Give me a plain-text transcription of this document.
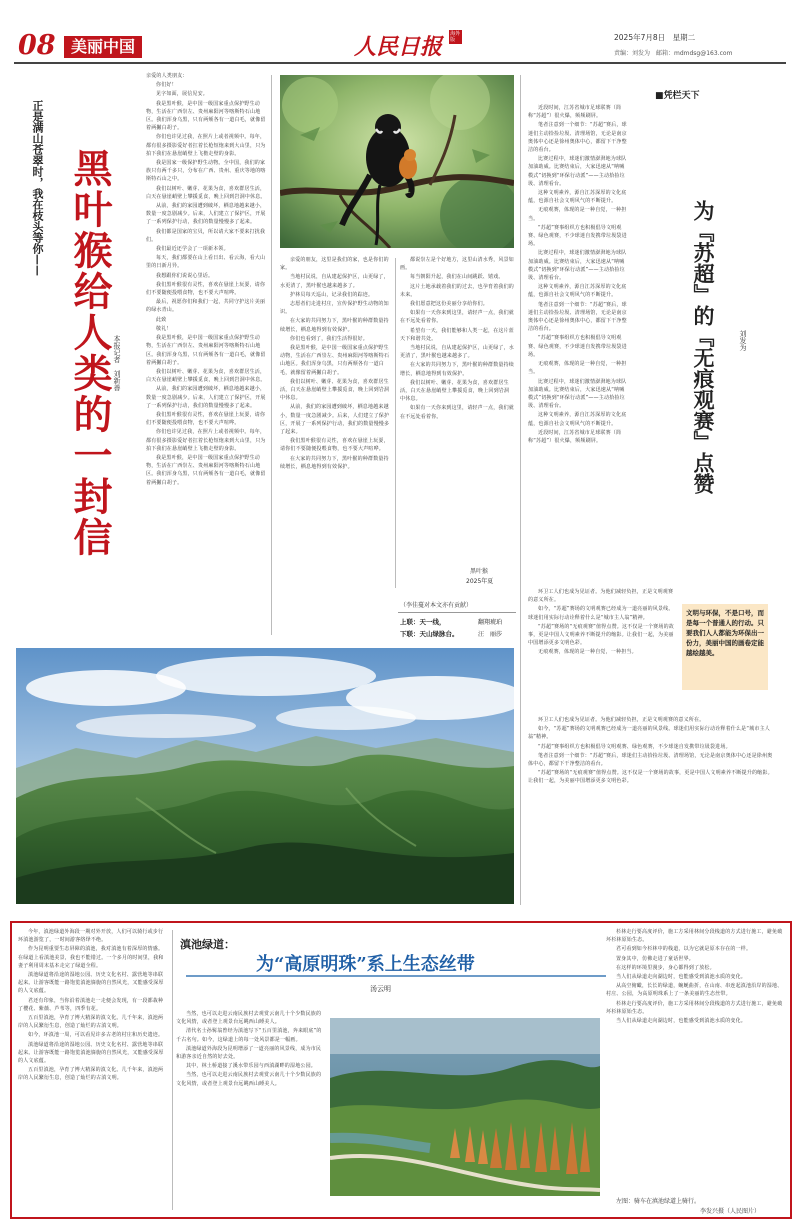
08 美丽中国	人民日报 海外版	2025年7月8日　星期二
责编：刘发为　邮箱：mdmdsg@163.com
正是满山苍翠时，我在枝头等你—— 黑叶猴给人类的一封信 本报记者　刘新善

亲爱的人类朋友：

你们好！

见字如面，展信见安。

我是黑叶猴，是中国一级国家重点保护野生动物，生活在广西崇左、贵州麻阳河等喀斯特石山地区。我们浑身乌黑，只有两颊各有一道白毛，就像留着两撇白胡子。

你们也许见过我，在照片上或者视频中。每年，都有很多摄影爱好者扛着长枪短炮来到大山里，只为拍下我们在悬崖峭壁上飞檐走壁的身影。

我是国家一级保护野生动物。全中国，我们的家族只有两千多只，分布在广西、贵州、重庆等地的喀斯特石山之中。

我们以树叶、嫩芽、花果为食，喜欢群居生活，白天在悬崖峭壁上攀援觅食，晚上回到岩洞中休息。

从前，我们的家园遭到破坏，栖息地越来越小，数量一度急剧减少。后来，人们建立了保护区，开展了一系列保护行动，我们的数量慢慢多了起来。

我们都是国家的宝贝，所以请大家不要来打扰我们。

我们最近还学会了一项新本领。

每天，我们都要在山上看日出、看云海，看大山里的日新月异。

我想跟你们说说心里话。

我们黑叶猴很有灵性，喜欢在悬崖上玩耍，请你们不要随便投喂食物，也不要大声喧哗。

最后，祝愿你们和我们一起，共同守护这片美丽的绿水青山。

此致

敬礼！

我是黑叶猴，是中国一级国家重点保护野生动物，生活在广西崇左、贵州麻阳河等喀斯特石山地区。我们浑身乌黑，只有两颊各有一道白毛，就像留着两撇白胡子。

我们以树叶、嫩芽、花果为食，喜欢群居生活，白天在悬崖峭壁上攀援觅食，晚上回到岩洞中休息。

从前，我们的家园遭到破坏，栖息地越来越小，数量一度急剧减少。后来，人们建立了保护区，开展了一系列保护行动，我们的数量慢慢多了起来。

我们黑叶猴很有灵性，喜欢在悬崖上玩耍，请你们不要随便投喂食物，也不要大声喧哗。

你们也许见过我，在照片上或者视频中。每年，都有很多摄影爱好者扛着长枪短炮来到大山里，只为拍下我们在悬崖峭壁上飞檐走壁的身影。

我是黑叶猴，是中国一级国家重点保护野生动物，生活在广西崇左、贵州麻阳河等喀斯特石山地区。我们浑身乌黑，只有两颊各有一道白毛，就像留着两撇白胡子。

亲爱的朋友，这里是我们的家，也是你们的家。

当地村民说，自从建起保护区，山更绿了，水更清了，黑叶猴也越来越多了。

护林员每天巡山，记录我们的踪迹。

志愿者们走进村庄，宣传保护野生动物的知识。

在大家的共同努力下，黑叶猴的种群数量持续增长，栖息地得到有效保护。

你们也看到了，我们生活得很好。

我是黑叶猴，是中国一级国家重点保护野生动物，生活在广西崇左、贵州麻阳河等喀斯特石山地区。我们浑身乌黑，只有两颊各有一道白毛，就像留着两撇白胡子。

我们以树叶、嫩芽、花果为食，喜欢群居生活，白天在悬崖峭壁上攀援觅食，晚上回到岩洞中休息。

从前，我们的家园遭到破坏，栖息地越来越小，数量一度急剧减少。后来，人们建立了保护区，开展了一系列保护行动，我们的数量慢慢多了起来。

我们黑叶猴很有灵性，喜欢在悬崖上玩耍，请你们不要随便投喂食物，也不要大声喧哗。

在大家的共同努力下，黑叶猴的种群数量持续增长，栖息地得到有效保护。

都说崇左是个好地方，这里山清水秀，风景如画。

每当朝阳升起，我们在山间跳跃、嬉戏。

这片土地承载着我们的过去，也孕育着我们的未来。

我们愿意把这份美丽分享给你们。

如果有一天你来到这里，请轻声一点，我们就在不远处看着你。

希望有一天，我们能够和人类一起，在这片蓝天下和谐共处。

当地村民说，自从建起保护区，山更绿了，水更清了，黑叶猴也越来越多了。

在大家的共同努力下，黑叶猴的种群数量持续增长，栖息地得到有效保护。

我们以树叶、嫩芽、花果为食，喜欢群居生活，白天在悬崖峭壁上攀援觅食，晚上回到岩洞中休息。

如果有一天你来到这里，请轻声一点，我们就在不远处看着你。

黑叶猴
2025年夏
（李佳蔓对本文亦有贡献）
上联：天一线，
下联：天山绿脉台。
翻翔琥珀
汪　丽莎
■凭栏天下

近段时间，江苏省城市足球联赛（简称“苏超”）很火爆，频频刷屏。

笔者注意到一个细节：“苏超”赛后，球迷们主动拾捡垃圾、清理场馆，无论是南京奥体中心还是徐州奥体中心，都留下干净整洁的看台。

比赛过程中，球迷们激情澎湃地为球队加油助威。比赛结束后，大家迅速从“呐喊模式”切换到“环保行动派”——主动拾捡垃圾、清理看台。

这种文明素养，源自江苏深厚的文化底蕴，也源自社会文明风气的不断提升。

无痕观赛，体现的是一种自觉，一种担当。

“苏超”赛事组织方也积极倡导文明观赛、绿色观赛，不少球迷自发携带垃圾袋进场。

比赛过程中，球迷们激情澎湃地为球队加油助威。比赛结束后，大家迅速从“呐喊模式”切换到“环保行动派”——主动拾捡垃圾、清理看台。

这种文明素养，源自江苏深厚的文化底蕴，也源自社会文明风气的不断提升。

笔者注意到一个细节：“苏超”赛后，球迷们主动拾捡垃圾、清理场馆，无论是南京奥体中心还是徐州奥体中心，都留下干净整洁的看台。

“苏超”赛事组织方也积极倡导文明观赛、绿色观赛，不少球迷自发携带垃圾袋进场。

无痕观赛，体现的是一种自觉，一种担当。

比赛过程中，球迷们激情澎湃地为球队加油助威。比赛结束后，大家迅速从“呐喊模式”切换到“环保行动派”——主动拾捡垃圾、清理看台。

这种文明素养，源自江苏深厚的文化底蕴，也源自社会文明风气的不断提升。

近段时间，江苏省城市足球联赛（简称“苏超”）很火爆，频频刷屏。	为『苏超』的『无痕观赛』点赞	刘发为
文明与环保，不是口号，而是每一个普通人的行动。只要我们人人都能为环保出一份力，美丽中国的画卷定能越绘越美。

环卫工人们也成为见证者。为他们减轻负担，正是文明观赛的意义所在。

如今，“苏超”赛场的文明观赛已经成为一道亮丽的风景线。球迷们用实际行动诠释着什么是“城市主人翁”精神。

“苏超”赛场的“无痕观赛”值得点赞。这不仅是一个赛场的故事，更是中国人文明素养不断提升的缩影。让我们一起，为美丽中国增添更多文明色彩。

无痕观赛，体现的是一种自觉，一种担当。

环卫工人们也成为见证者。为他们减轻负担，正是文明观赛的意义所在。

如今，“苏超”赛场的文明观赛已经成为一道亮丽的风景线。球迷们用实际行动诠释着什么是“城市主人翁”精神。

“苏超”赛事组织方也积极倡导文明观赛、绿色观赛，不少球迷自发携带垃圾袋进场。

笔者注意到一个细节：“苏超”赛后，球迷们主动拾捡垃圾、清理场馆，无论是南京奥体中心还是徐州奥体中心，都留下干净整洁的看台。

“苏超”赛场的“无痕观赛”值得点赞。这不仅是一个赛场的故事，更是中国人文明素养不断提升的缩影。让我们一起，为美丽中国增添更多文明色彩。

今年，滇池绿道外海段一期对外开放，人们可以骑行或步行环滇池游览了，一时间游客络绎不绝。

作为昆明重要生态屏障的滇池，我对滇池有着深厚的情感。在绿道上看滇池美景，我也不能错过。一个多月的时间里，我和妻子利用周末基本走完了绿道全程。

滇池绿道将沿途的湿地公园、历史文化名村、露营地等串联起来。让游客既能一路饱览滇池旖旎的自然风光，又能感受深厚的人文底蕴。

君还有印象，当你沿着滇池走一走便会发现，有一段都栽种了樱花、紫薇、芦苇等，四季有花。

五百里滇池，孕育了博大精深的滇文化。几千年来，滇池两岸的人民繁衍生息，创造了灿烂的古滇文明。

如今，环滇池一周，可以看见许多古老的村庄和历史遗迹。

滇池绿道将沿途的湿地公园、历史文化名村、露营地等串联起来。让游客既能一路饱览滇池旖旎的自然风光，又能感受深厚的人文底蕴。

五百里滇池，孕育了博大精深的滇文化。几千年来，滇池两岸的人民繁衍生息，创造了灿烂的古滇文明。

滇池绿道：
为“高原明珠”系上生态丝带
汤云明

当然，也可以走进云南民族村去观赏云南几十个少数民族的文化风情，或者登上观景台远眺西山睡美人。

清代名士孙髯翁曾经为滇池写下“五百里滇池，奔来眼底”的千古名句。如今，这绿道上的每一处风景都是一幅画。

滇池绿道外海段为昆明增添了一道亮丽的风景线，成为市民和游客亲近自然的好去处。

其中，林土桥道接了溪水带乐园与西滇湖畔的湿地公园。

当然，也可以走进云南民族村去观赏云南几十个少数民族的文化风情，或者登上观景台远眺西山睡美人。

左图：骑车在滇池绿道上骑行。
李发兴摄（人民图片）

杉林走行要高度评价，施工方采用林间分段栈道的方式进行施工，避免破坏杉林原始生态。

君可看到如今杉林中的栈道，以为它就是原本存在的一样。

置身其中，仿佛走进了童话世界。

在这样的环境里漫步，身心都得到了放松。

当人们从绿道走向湖边时，也能感受到滇池水质的变化。

从高空俯瞰，长长的绿道，蜿蜒曲折，在山南、串连起滇池沿岸的湿地、村庄、公园，为高原明珠系上了一条美丽的生态丝带。

杉林走行要高度评价，施工方采用林间分段栈道的方式进行施工，避免破坏杉林原始生态。

当人们从绿道走向湖边时，也能感受到滇池水质的变化。
